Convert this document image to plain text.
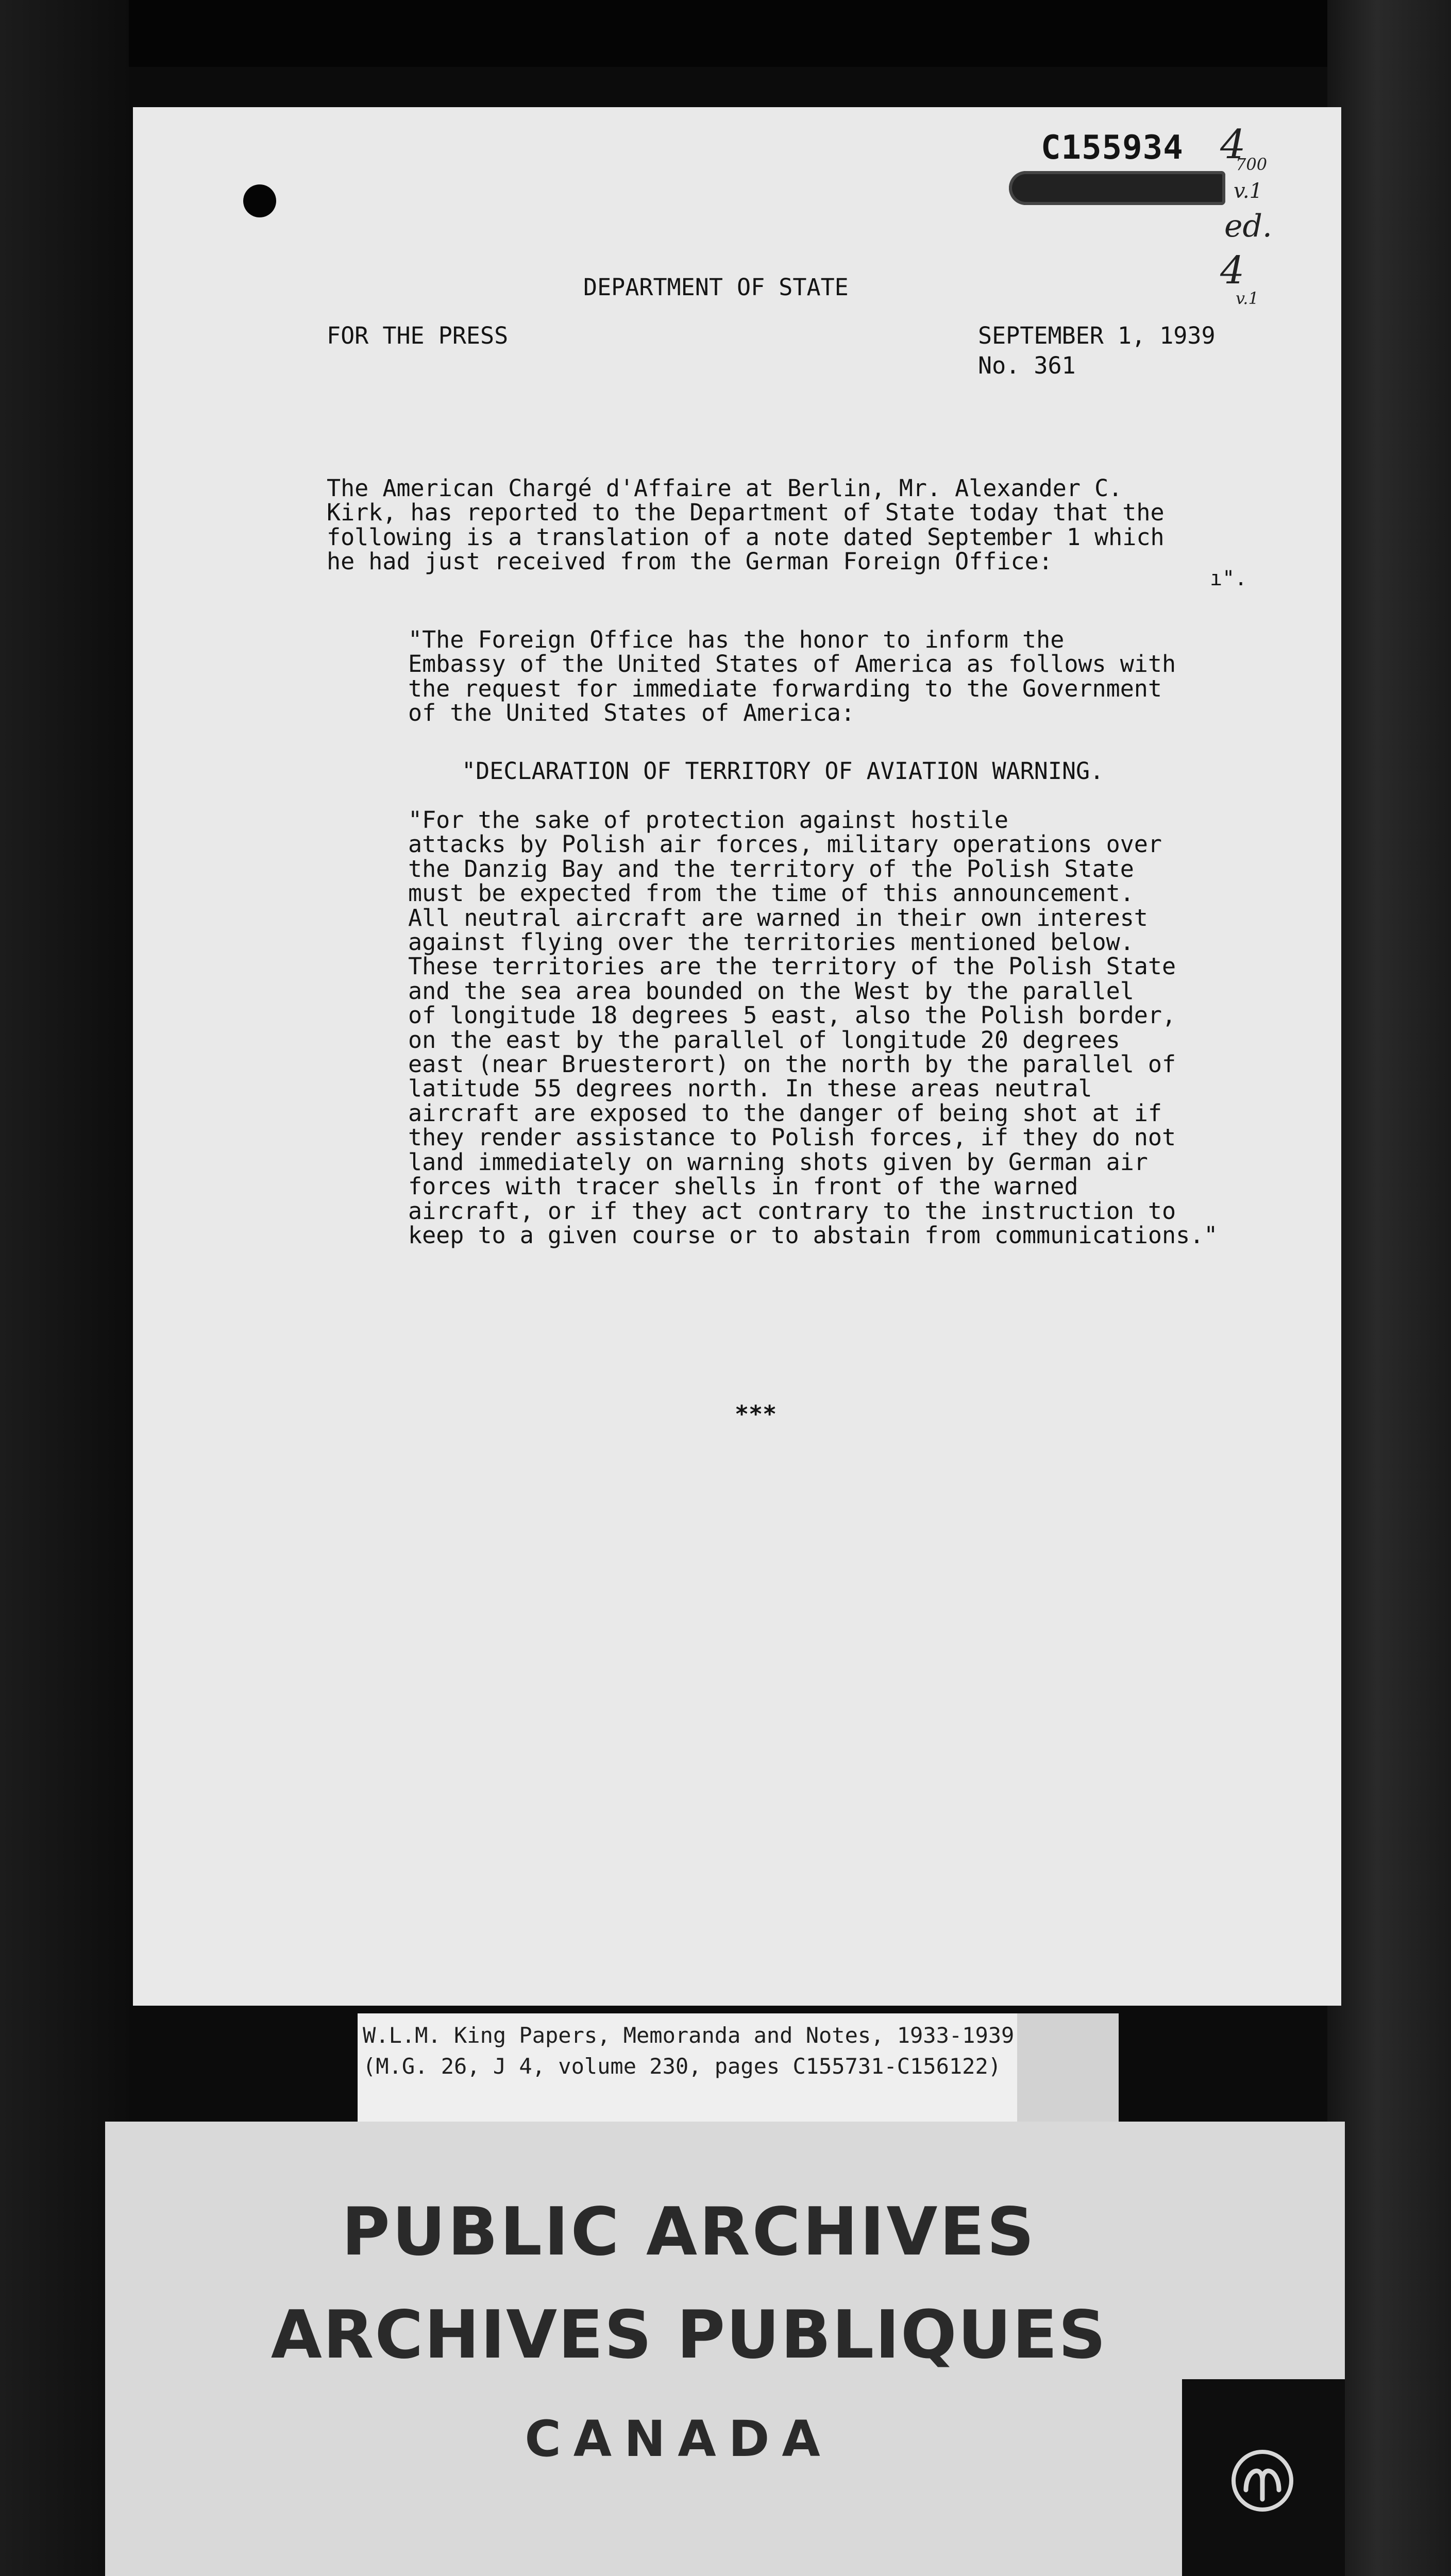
C155934 4
700
v.1
ed.
4
v.1
DEPARTMENT OF STATE
FOR THE PRESS	SEPTEMBER 1, 1939
No. 361
The American Chargé d'Affaire at Berlin, Mr. Alexander C.
Kirk, has reported to the Department of State today that the
following is a translation of a note dated September 1 which
he had just received from the German Foreign Office:
ı".
"The Foreign Office has the honor to inform the
Embassy of the United States of America as follows with
the request for immediate forwarding to the Government
of the United States of America:
"DECLARATION OF TERRITORY OF AVIATION WARNING.
"For the sake of protection against hostile
attacks by Polish air forces, military operations over
the Danzig Bay and the territory of the Polish State
must be expected from the time of this announcement.
All neutral aircraft are warned in their own interest
against flying over the territories mentioned below.
These territories are the territory of the Polish State
and the sea area bounded on the West by the parallel
of longitude 18 degrees 5 east, also the Polish border,
on the east by the parallel of longitude 20 degrees
east (near Bruesterort) on the north by the parallel of
latitude 55 degrees north. In these areas neutral
aircraft are exposed to the danger of being shot at if
they render assistance to Polish forces, if they do not
land immediately on warning shots given by German air
forces with tracer shells in front of the warned
aircraft, or if they act contrary to the instruction to
keep to a given course or to abstain from communications."
***
W.L.M. King Papers, Memoranda and Notes, 1933-1939
(M.G. 26, J 4, volume 230, pages C155731-C156122)
PUBLIC ARCHIVES
ARCHIVES PUBLIQUES
CANADA
